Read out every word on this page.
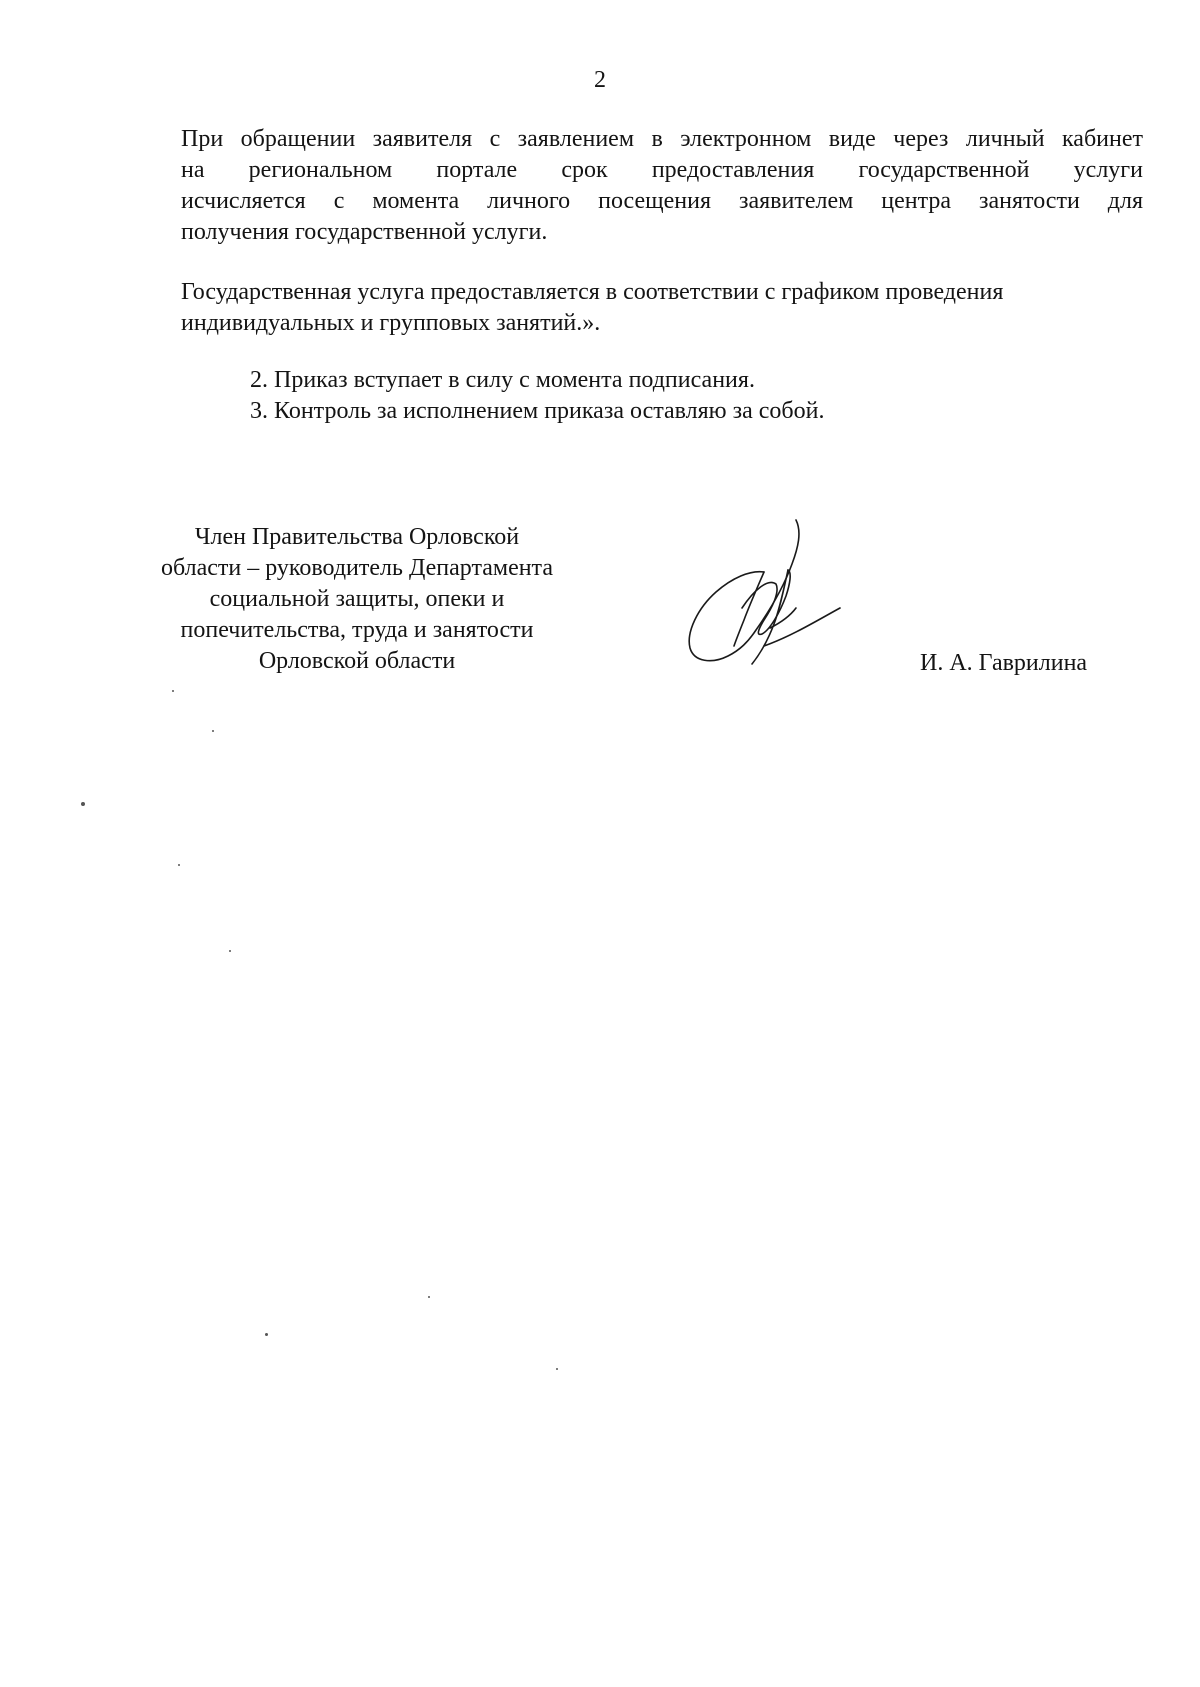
2
При обращении заявителя с заявлением в электронном виде через личный кабинет
на региональном портале срок предоставления государственной услуги
исчисляется с момента личного посещения заявителем центра занятости для
получения государственной услуги.
Государственная услуга предоставляется в соответствии с графиком проведения
индивидуальных и групповых занятий.».
2. Приказ вступает в силу с момента подписания.
3. Контроль за исполнением приказа оставляю за собой.
Член Правительства Орловской
области – руководитель Департамента
социальной защиты, опеки и
попечительства, труда и занятости
Орловской области	И. А. Гаврилина
